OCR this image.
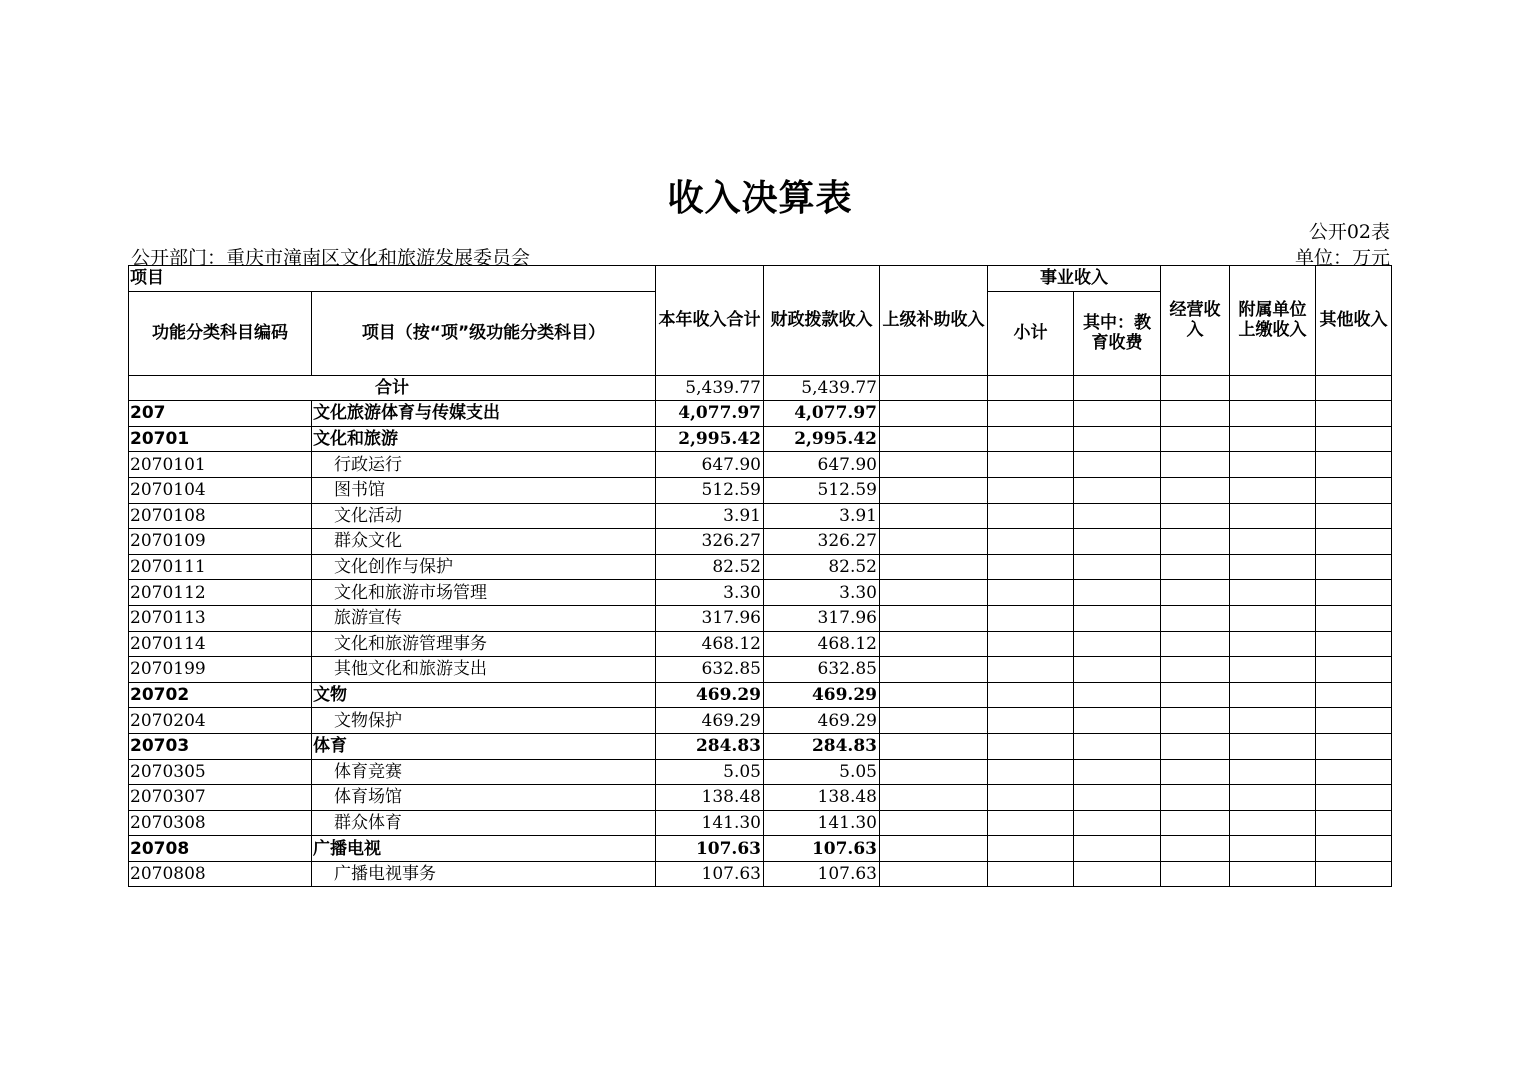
收入决算表
公开02表
公开部门：重庆市潼南区文化和旅游发展委员会	单位：万元
项目		本年收入合计	财政拨款收入	上级补助收入	事业收入		经营收入	附属单位上缴收入	其他收入
功能分类科目编码	项目（按“项”级功能分类科目）				小计	其中：教育收费			
合计		5,439.77	5,439.77						
207	文化旅游体育与传媒支出	4,077.97	4,077.97						
20701	文化和旅游	2,995.42	2,995.42						
2070101	行政运行	647.90	647.90						
2070104	图书馆	512.59	512.59						
2070108	文化活动	3.91	3.91						
2070109	群众文化	326.27	326.27						
2070111	文化创作与保护	82.52	82.52						
2070112	文化和旅游市场管理	3.30	3.30						
2070113	旅游宣传	317.96	317.96						
2070114	文化和旅游管理事务	468.12	468.12						
2070199	其他文化和旅游支出	632.85	632.85						
20702	文物	469.29	469.29						
2070204	文物保护	469.29	469.29						
20703	体育	284.83	284.83						
2070305	体育竞赛	5.05	5.05						
2070307	体育场馆	138.48	138.48						
2070308	群众体育	141.30	141.30						
20708	广播电视	107.63	107.63						
2070808	广播电视事务	107.63	107.63						
